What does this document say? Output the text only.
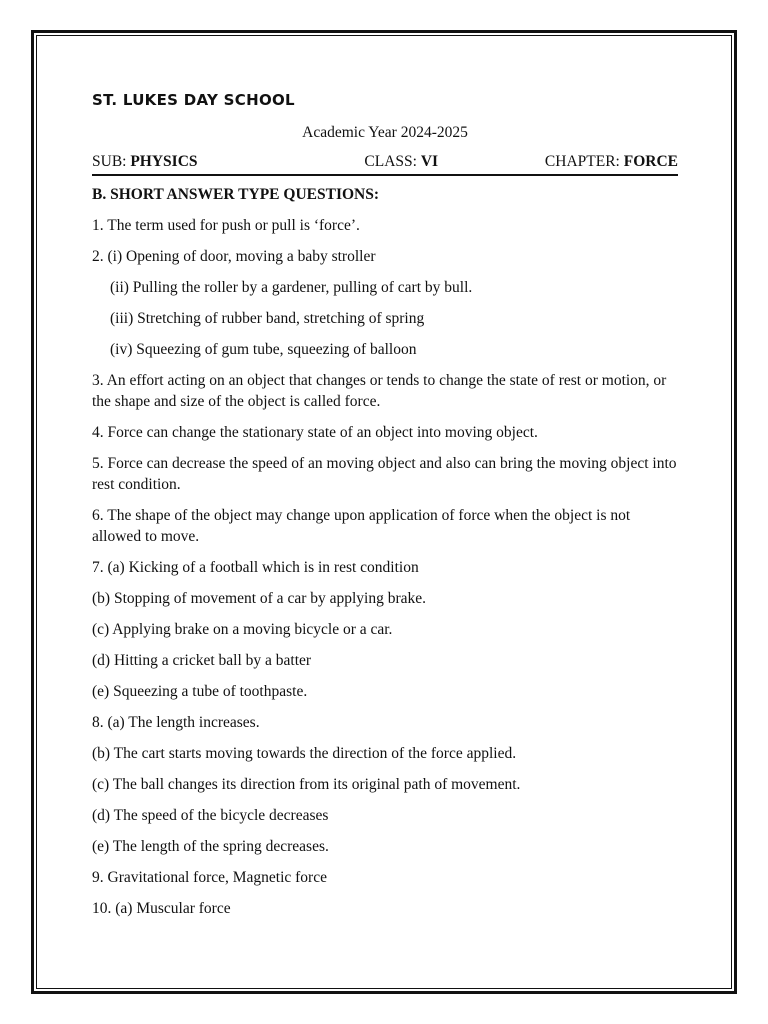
ST. LUKES DAY SCHOOL
Academic Year 2024-2025
SUB: PHYSICS	CLASS: VI	CHAPTER: FORCE
B. SHORT ANSWER TYPE QUESTIONS:
1. The term used for push or pull is ‘force’.
2. (i) Opening of door, moving a baby stroller
(ii) Pulling the roller by a gardener, pulling of cart by bull.
(iii) Stretching of rubber band, stretching of spring
(iv) Squeezing of gum tube, squeezing of balloon
3. An effort acting on an object that changes or tends to change the state of rest or motion, or the shape and size of the object is called force.
4. Force can change the stationary state of an object into moving object.
5. Force can decrease the speed of an moving object and also can bring the moving object into rest condition.
6. The shape of the object may change upon application of force when the object is not allowed to move.
7. (a) Kicking of a football which is in rest condition
(b) Stopping of movement of a car by applying brake.
(c) Applying brake on a moving bicycle or a car.
(d) Hitting a cricket ball by a batter
(e) Squeezing a tube of toothpaste.
8. (a) The length increases.
(b) The cart starts moving towards the direction of the force applied.
(c) The ball changes its direction from its original path of movement.
(d) The speed of the bicycle decreases
(e) The length of the spring decreases.
9. Gravitational force, Magnetic force
10. (a) Muscular force
